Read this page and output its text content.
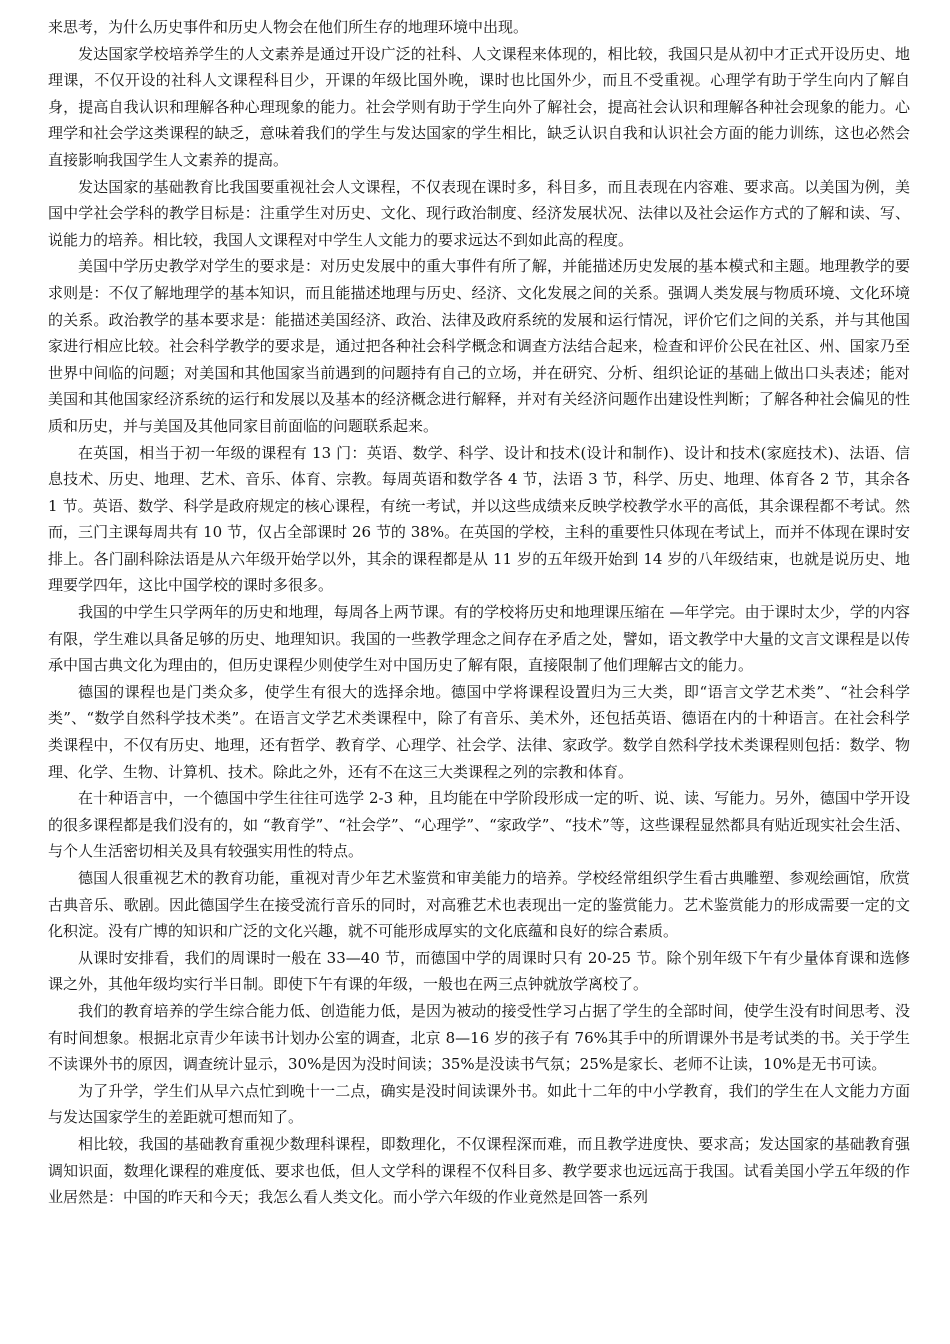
来思考，为什么历史事件和历史人物会在他们所生存的地理环境中出现。

发达国家学校培养学生的人文素养是通过开设广泛的社科、人文课程来体现的，相比较，我国只是从初中才正式开设历史、地理课，不仅开设的社科人文课程科目少，开课的年级比国外晚，课时也比国外少，而且不受重视。心理学有助于学生向内了解自身，提高自我认识和理解各种心理现象的能力。社会学则有助于学生向外了解社会，提高社会认识和理解各种社会现象的能力。心理学和社会学这类课程的缺乏，意味着我们的学生与发达国家的学生相比，缺乏认识自我和认识社会方面的能力训练，这也必然会直接影响我国学生人文素养的提高。

发达国家的基础教育比我国要重视社会人文课程，不仅表现在课时多，科目多，而且表现在内容难、要求高。以美国为例，美国中学社会学科的教学目标是：注重学生对历史、文化、现行政治制度、经济发展状况、法律以及社会运作方式的了解和读、写、说能力的培养。相比较，我国人文课程对中学生人文能力的要求远达不到如此高的程度。

美国中学历史教学对学生的要求是：对历史发展中的重大事件有所了解，并能描述历史发展的基本模式和主题。地理教学的要求则是：不仅了解地理学的基本知识，而且能描述地理与历史、经济、文化发展之间的关系。强调人类发展与物质环境、文化环境的关系。政治教学的基本要求是：能描述美国经济、政治、法律及政府系统的发展和运行情况，评价它们之间的关系，并与其他国家进行相应比较。社会科学教学的要求是，通过把各种社会科学概念和调查方法结合起来，检查和评价公民在社区、州、国家乃至世界中间临的问题；对美国和其他国家当前遇到的问题持有自己的立场，并在研究、分析、组织论证的基础上做出口头表述；能对美国和其他国家经济系统的运行和发展以及基本的经济概念进行解释，并对有关经济问题作出建设性判断；了解各种社会偏见的性质和历史，并与美国及其他同家目前面临的问题联系起来。

在英国，相当于初一年级的课程有 13 门：英语、数学、科学、设计和技术(设计和制作)、设计和技术(家庭技术)、法语、信息技术、历史、地理、艺术、音乐、体育、宗教。每周英语和数学各 4 节，法语 3 节，科学、历史、地理、体育各 2 节，其余各 1 节。英语、数学、科学是政府规定的核心课程，有统一考试，并以这些成绩来反映学校教学水平的高低，其余课程都不考试。然而，三门主课每周共有 10 节，仅占全部课时 26 节的 38%。在英国的学校，主科的重要性只体现在考试上，而并不体现在课时安排上。各门副科除法语是从六年级开始学以外，其余的课程都是从 11 岁的五年级开始到 14 岁的八年级结束，也就是说历史、地理要学四年，这比中国学校的课时多很多。

我国的中学生只学两年的历史和地理，每周各上两节课。有的学校将历史和地理课压缩在 —年学完。由于课时太少，学的内容有限，学生难以具备足够的历史、地理知识。我国的一些教学理念之间存在矛盾之处，譬如，语文教学中大量的文言文课程是以传承中国古典文化为理由的，但历史课程少则使学生对中国历史了解有限，直接限制了他们理解古文的能力。

德国的课程也是门类众多，使学生有很大的选择余地。德国中学将课程设置归为三大类，即“语言文学艺术类”、“社会科学类”、“数学自然科学技术类”。在语言文学艺术类课程中，除了有音乐、美术外，还包括英语、德语在内的十种语言。在社会科学类课程中，不仅有历史、地理，还有哲学、教育学、心理学、社会学、法律、家政学。数学自然科学技术类课程则包括：数学、物理、化学、生物、计算机、技术。除此之外，还有不在这三大类课程之列的宗教和体育。

在十种语言中，一个德国中学生往往可选学 2-3 种，且均能在中学阶段形成一定的听、说、读、写能力。另外，德国中学开设的很多课程都是我们没有的，如 “教育学”、“社会学”、“心理学”、“家政学”、“技术”等，这些课程显然都具有贴近现实社会生活、与个人生活密切相关及具有较强实用性的特点。

德国人很重视艺术的教育功能，重视对青少年艺术鉴赏和审美能力的培养。学校经常组织学生看古典雕塑、参观绘画馆，欣赏古典音乐、歌剧。因此德国学生在接受流行音乐的同时，对高雅艺术也表现出一定的鉴赏能力。艺术鉴赏能力的形成需要一定的文化积淀。没有广博的知识和广泛的文化兴趣，就不可能形成厚实的文化底蕴和良好的综合素质。

从课时安排看，我们的周课时一般在 33—40 节，而德国中学的周课时只有 20-25 节。除个别年级下午有少量体育课和选修课之外，其他年级均实行半日制。即使下午有课的年级，一般也在两三点钟就放学离校了。

我们的教育培养的学生综合能力低、创造能力低，是因为被动的接受性学习占据了学生的全部时间，使学生没有时间思考、没有时间想象。根据北京青少年读书计划办公室的调查，北京 8—16 岁的孩子有 76%其手中的所谓课外书是考试类的书。关于学生不读课外书的原因，调查统计显示，30%是因为没时间读；35%是没读书气氛；25%是家长、老师不让读，10%是无书可读。

为了升学，学生们从早六点忙到晚十一二点，确实是没时间读课外书。如此十二年的中小学教育，我们的学生在人文能力方面与发达国家学生的差距就可想而知了。

相比较，我国的基础教育重视少数理科课程，即数理化，不仅课程深而难，而且教学进度快、要求高；发达国家的基础教育强调知识面，数理化课程的难度低、要求也低，但人文学科的课程不仅科目多、教学要求也远远高于我国。试看美国小学五年级的作业居然是：中国的昨天和今天；我怎么看人类文化。而小学六年级的作业竟然是回答一系列
